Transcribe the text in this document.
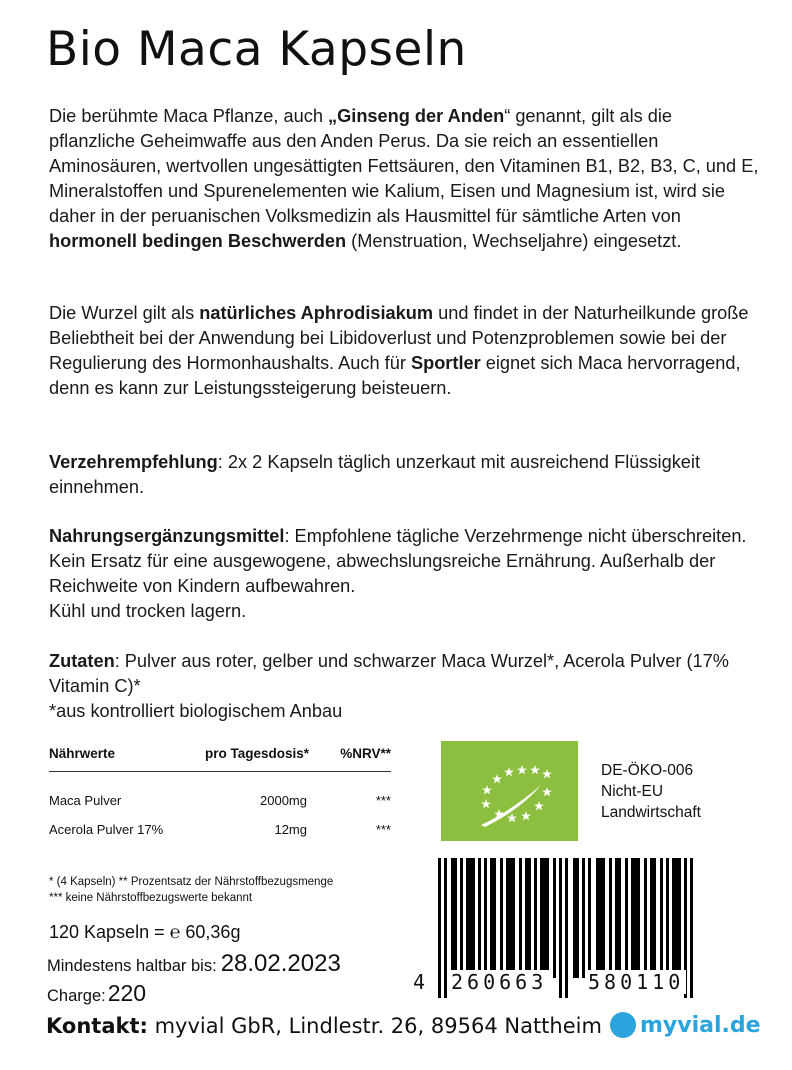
Bio Maca Kapseln
Die berühmte Maca Pflanze, auch „Ginseng der Anden“ genannt, gilt als die pflanzliche Geheimwaffe aus den Anden Perus. Da sie reich an essentiellen Aminosäuren, wertvollen ungesättigten Fettsäuren, den Vitaminen B1, B2, B3, C, und E, Mineralstoffen und Spurenelementen wie Kalium, Eisen und Magnesium ist, wird sie daher in der peruanischen Volksmedizin als Hausmittel für sämtliche Arten von hormonell bedingen Beschwerden (Menstruation, Wechseljahre) eingesetzt.
Die Wurzel gilt als natürliches Aphrodisiakum und findet in der Naturheilkunde große Beliebtheit bei der Anwendung bei Libidoverlust und Potenzproblemen sowie bei der Regulierung des Hormonhaushalts. Auch für Sportler eignet sich Maca hervorragend, denn es kann zur Leistungssteigerung beisteuern.
Verzehrempfehlung: 2x 2 Kapseln täglich unzerkaut mit ausreichend Flüssigkeit einnehmen.
Nahrungsergänzungsmittel: Empfohlene tägliche Verzehrmenge nicht überschreiten. Kein Ersatz für eine ausgewogene, abwechslungsreiche Ernährung. Außerhalb der Reichweite von Kindern aufbewahren.
Kühl und trocken lagern.
Zutaten: Pulver aus roter, gelber und schwarzer Maca Wurzel*, Acerola Pulver (17% Vitamin C)*
*aus kontrolliert biologischem Anbau
Nährwerte	pro Tagesdosis*	%NRV**
Maca Pulver	2000mg	***
Acerola Pulver 17%	12mg	***
* (4 Kapseln) ** Prozentsatz der Nährstoffbezugsmenge
*** keine Nährstoffbezugswerte bekannt
120 Kapseln = ℮ 60,36g
Mindestens haltbar bis: 28.02.2023
Charge:220
Kontakt: myvial GbR, Lindlestr. 26, 89564 Nattheim
DE-ÖKO-006
Nicht-EU
Landwirtschaft
4 260663 580110
myvial.de
